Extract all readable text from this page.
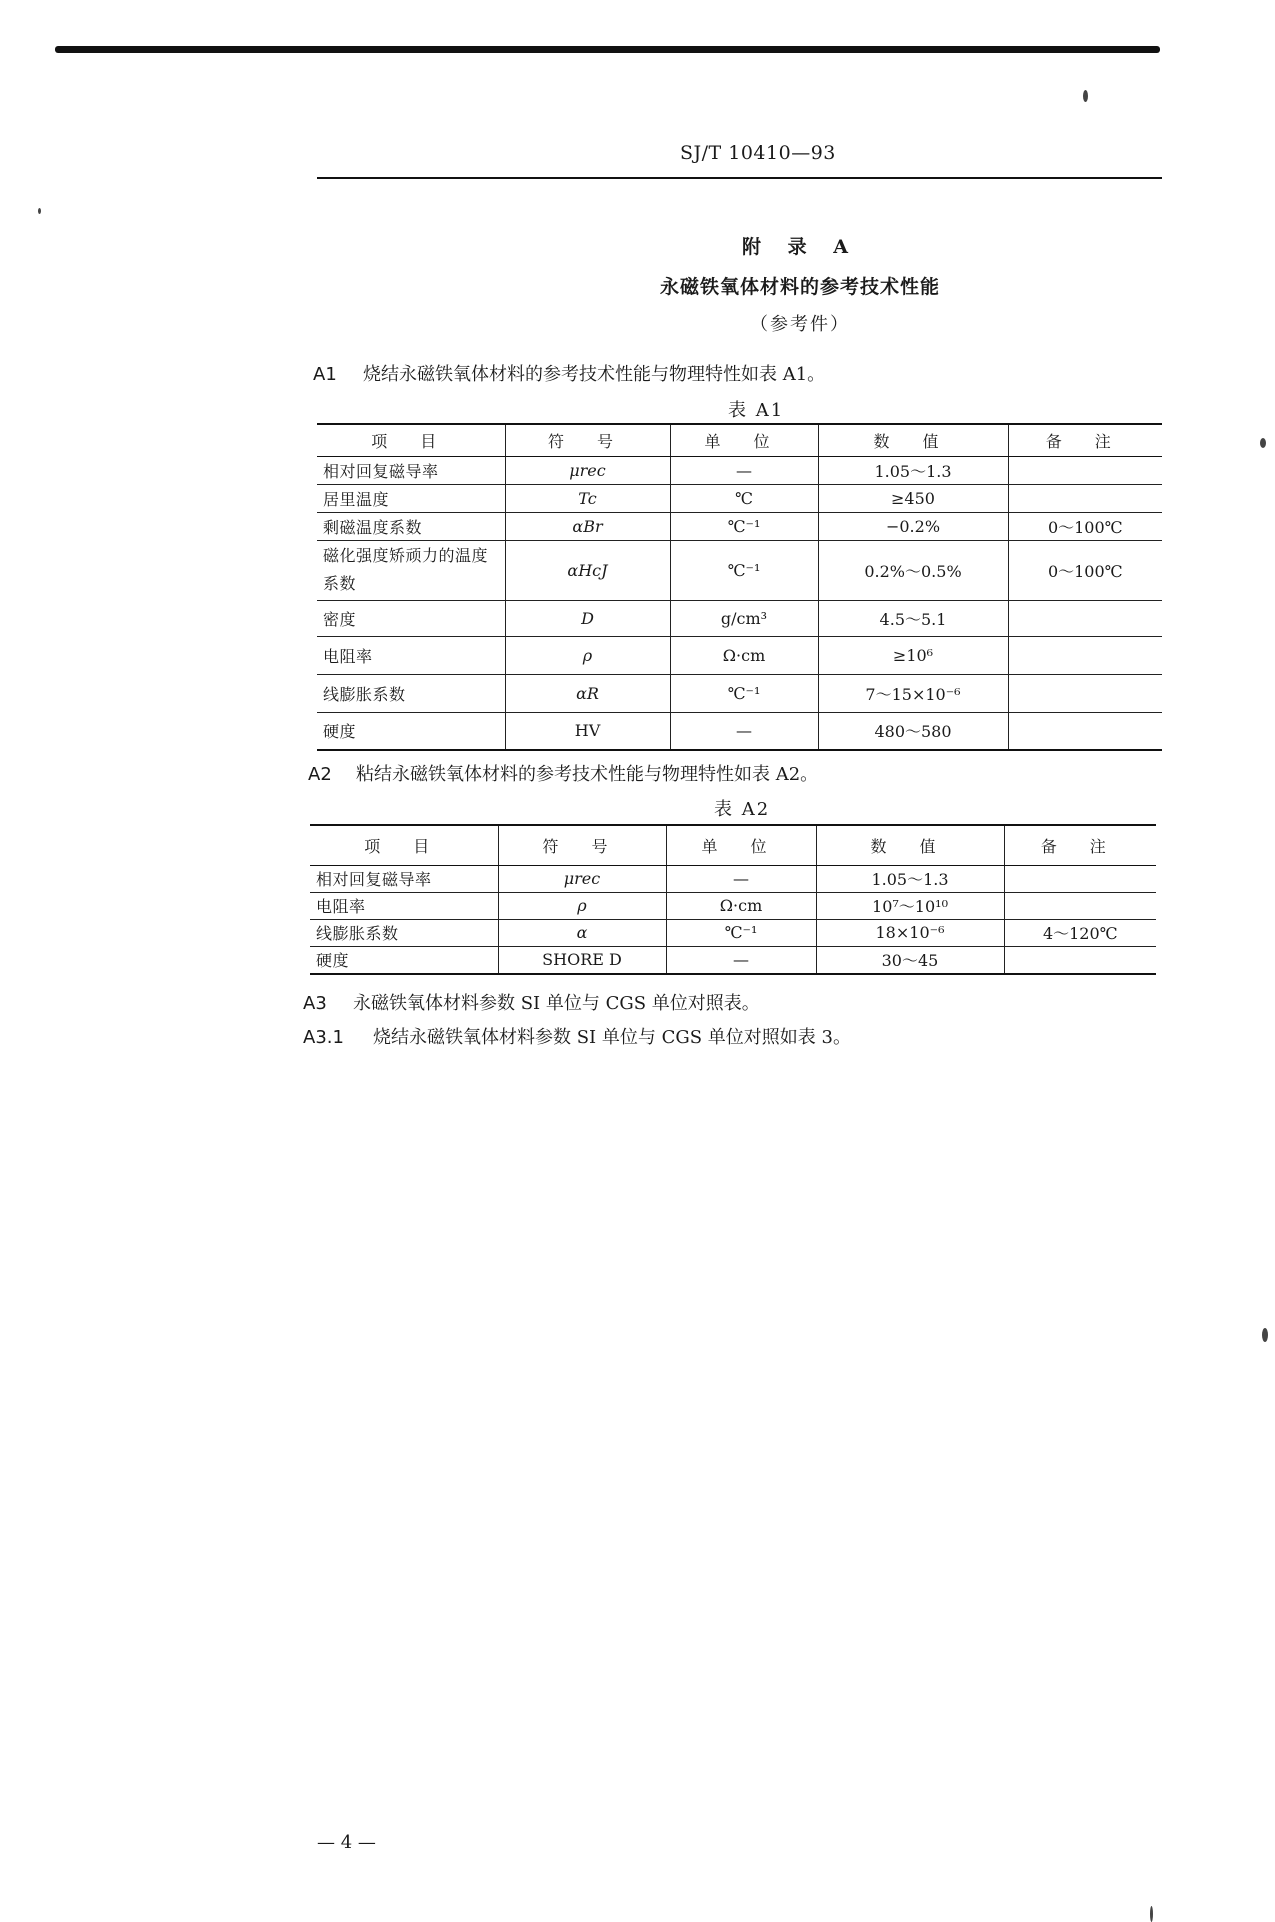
SJ/T 10410—93
附 录 A
永磁铁氧体材料的参考技术性能
（参考件）
A1 烧结永磁铁氧体材料的参考技术性能与物理特性如表 A1。
表 A1
项 目	符 号	单 位	数 值	备 注
相对回复磁导率	μrec	—	1.05～1.3	
居里温度	Tc	℃	≥450	
剩磁温度系数	αBr	℃⁻¹	−0.2%	0～100℃
磁化强度矫顽力的温度系数	αHcJ	℃⁻¹	0.2%～0.5%	0～100℃
密度	D	g/cm³	4.5～5.1	
电阻率	ρ	Ω·cm	≥10⁶	
线膨胀系数	αR	℃⁻¹	7～15×10⁻⁶	
硬度	HV	—	480～580	
A2 粘结永磁铁氧体材料的参考技术性能与物理特性如表 A2。
表 A2
项 目	符 号	单 位	数 值	备 注
相对回复磁导率	μrec	—	1.05～1.3	
电阻率	ρ	Ω·cm	10⁷～10¹⁰	
线膨胀系数	α	℃⁻¹	18×10⁻⁶	4～120℃
硬度	SHORE D	—	30～45	
A3 永磁铁氧体材料参数 SI 单位与 CGS 单位对照表。
A3.1 烧结永磁铁氧体材料参数 SI 单位与 CGS 单位对照如表 3。
— 4 —
